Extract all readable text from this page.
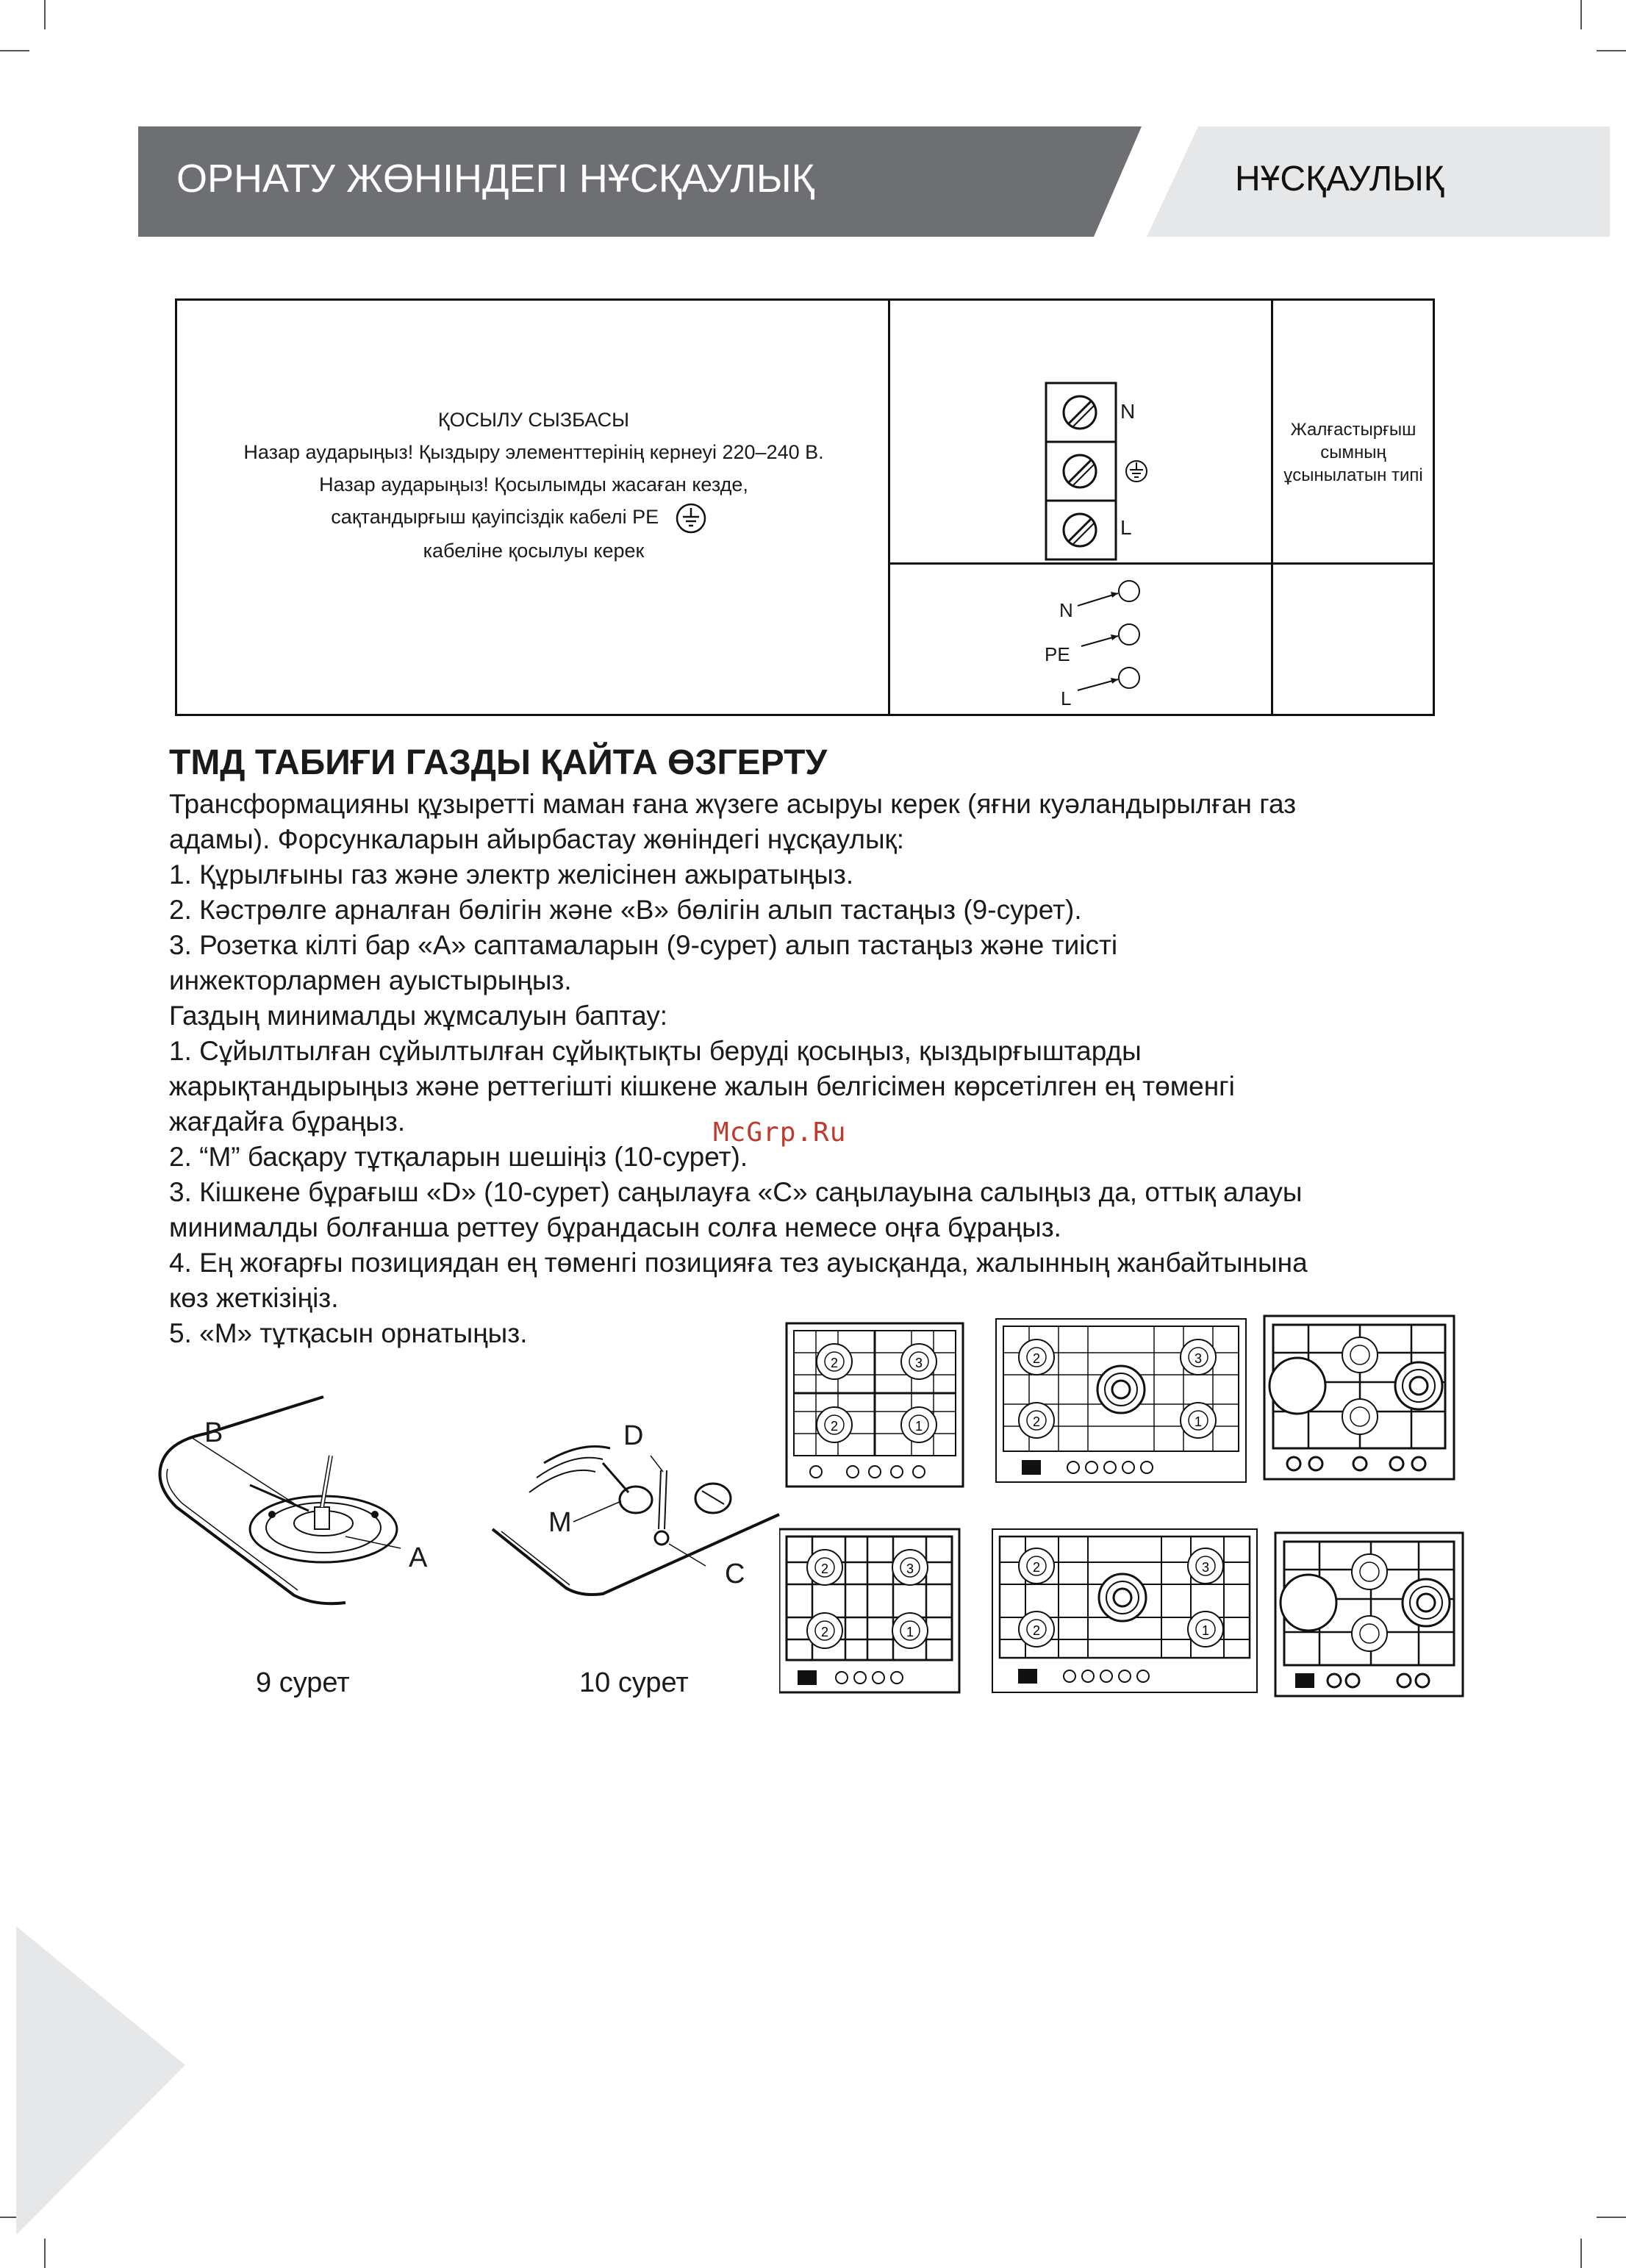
ОРНАТУ ЖӨНІНДЕГІ НҰСҚАУЛЫҚ	НҰСҚАУЛЫҚ
ҚОСЫЛУ СЫЗБАСЫ
Назар аударыңыз! Қыздыру элементтерінің кернеуі 220–240 В.
Назар аударыңыз! Қосылымды жасаған кезде,
сақтандырғыш қауіпсіздік кабелі PE
кабеліне қосылуы керек
N
L
N
PE
L
Жалғастырғыш сымның ұсынылатын типі
ТМД ТАБИҒИ ГАЗДЫ ҚАЙТА ӨЗГЕРТУ
Трансформацияны құзыретті маман ғана жүзеге асыруы керек (яғни куәландырылған газ
адамы). Форсункаларын айырбастау жөніндегі нұсқаулық:
1. Құрылғыны газ және электр желісінен ажыратыңыз.
2. Кәстрөлге арналған бөлігін және «B» бөлігін алып тастаңыз (9-сурет).
3. Розетка кілті бар «A» саптамаларын (9-сурет) алып тастаңыз және тиісті
инжекторлармен ауыстырыңыз.
Газдың минималды жұмсалуын баптау:
1. Сұйылтылған сұйылтылған сұйықтықты беруді қосыңыз, қыздырғыштарды
жарықтандырыңыз және реттегішті кішкене жалын белгісімен көрсетілген ең төменгі
жағдайға бұраңыз.
2. “M” басқару тұтқаларын шешіңіз (10-сурет).
3. Кішкене бұрағыш «D» (10-сурет) саңылауға «С» саңылауына салыңыз да, оттық алауы
минималды болғанша реттеу бұрандасын солға немесе оңға бұраңыз.
4. Ең жоғарғы позициядан ең төменгі позицияға тез ауысқанда, жалынның жанбайтынына
көз жеткізіңіз.
5. «M» тұтқасын орнатыңыз.
McGrp.Ru
B
A
9 сурет
D
M
C
10 сурет
2	3
2	1
2	3
2	1
2	3
2	1
2	3
2	1
